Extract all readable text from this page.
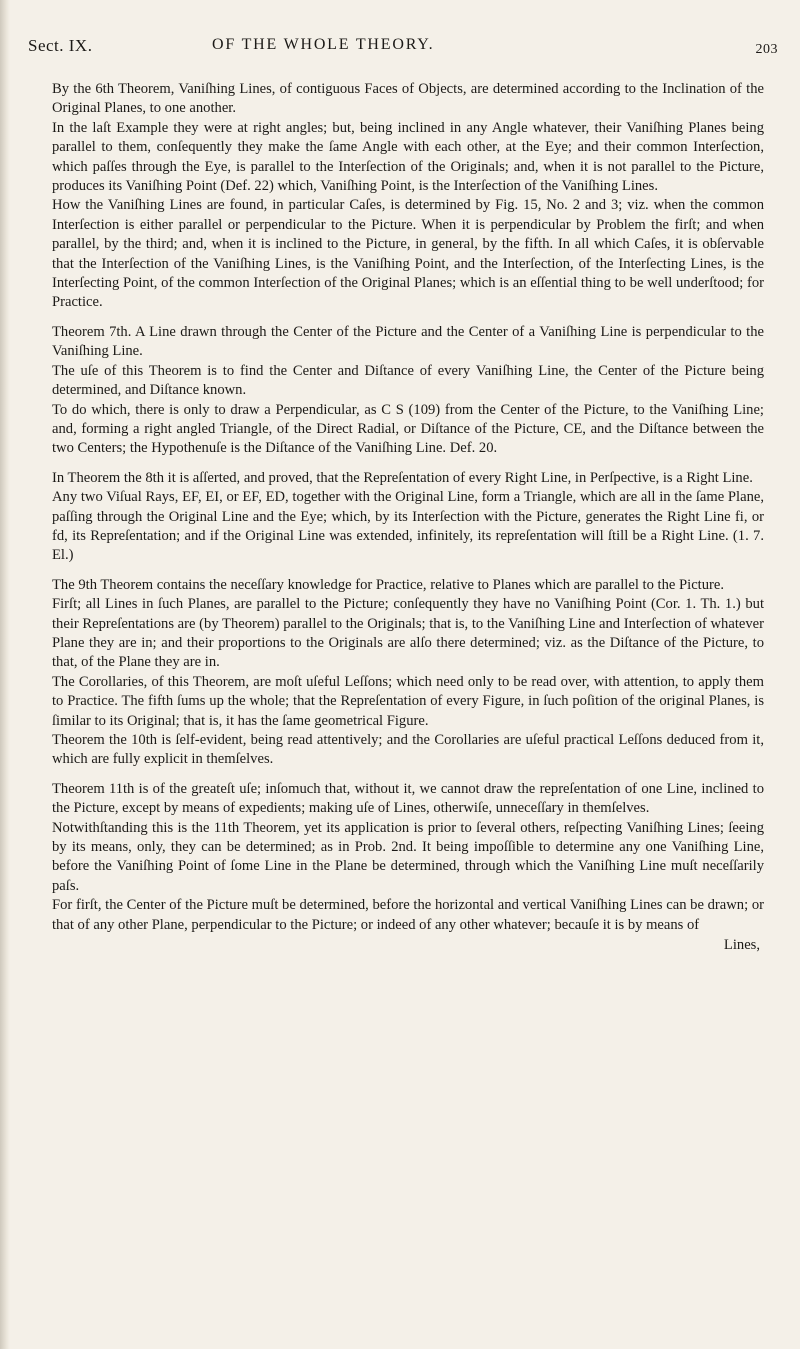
Sect. IX.	OF THE WHOLE THEORY.	203

By the 6th Theorem, Vaniſhing Lines, of contiguous Faces of Objects, are determined according to the Inclination of the Original Planes, to one another.

In the laſt Example they were at right angles; but, being inclined in any Angle whatever, their Vaniſhing Planes being parallel to them, conſequently they make the ſame Angle with each other, at the Eye; and their common Interſection, which paſſes through the Eye, is parallel to the Interſection of the Originals; and, when it is not parallel to the Picture, produces its Vaniſhing Point (Def. 22) which, Vaniſhing Point, is the Interſection of the Vaniſhing Lines.

How the Vaniſhing Lines are found, in particular Caſes, is determined by Fig. 15, No. 2 and 3; viz. when the common Interſection is either parallel or perpendicular to the Picture. When it is perpendicular by Problem the firſt; and when parallel, by the third; and, when it is inclined to the Picture, in general, by the fifth. In all which Caſes, it is obſervable that the Interſection of the Vaniſhing Lines, is the Vaniſhing Point, and the Interſection, of the Interſecting Lines, is the Interſecting Point, of the common Interſection of the Original Planes; which is an eſſential thing to be well underſtood; for Practice.

Theorem 7th. A Line drawn through the Center of the Picture and the Center of a Vaniſhing Line is perpendicular to the Vaniſhing Line.

The uſe of this Theorem is to find the Center and Diſtance of every Vaniſhing Line, the Center of the Picture being determined, and Diſtance known.

To do which, there is only to draw a Perpendicular, as C S (109) from the Center of the Picture, to the Vaniſhing Line; and, forming a right angled Triangle, of the Direct Radial, or Diſtance of the Picture, CE, and the Diſtance between the two Centers; the Hypothenuſe is the Diſtance of the Vaniſhing Line. Def. 20.

In Theorem the 8th it is aſſerted, and proved, that the Repreſentation of every Right Line, in Perſpective, is a Right Line.

Any two Viſual Rays, EF, EI, or EF, ED, together with the Original Line, form a Triangle, which are all in the ſame Plane, paſſing through the Original Line and the Eye; which, by its Interſection with the Picture, generates the Right Line fi, or fd, its Repreſentation; and if the Original Line was extended, infinitely, its repreſentation will ſtill be a Right Line. (1. 7. El.)

The 9th Theorem contains the neceſſary knowledge for Practice, relative to Planes which are parallel to the Picture.

Firſt; all Lines in ſuch Planes, are parallel to the Picture; conſequently they have no Vaniſhing Point (Cor. 1. Th. 1.) but their Repreſentations are (by Theorem) parallel to the Originals; that is, to the Vaniſhing Line and Interſection of whatever Plane they are in; and their proportions to the Originals are alſo there determined; viz. as the Diſtance of the Picture, to that, of the Plane they are in.

The Corollaries, of this Theorem, are moſt uſeful Leſſons; which need only to be read over, with attention, to apply them to Practice. The fifth ſums up the whole; that the Repreſentation of every Figure, in ſuch poſition of the original Planes, is ſimilar to its Original; that is, it has the ſame geometrical Figure.

Theorem the 10th is ſelf-evident, being read attentively; and the Corollaries are uſeful practical Leſſons deduced from it, which are fully explicit in themſelves.

Theorem 11th is of the greateſt uſe; inſomuch that, without it, we cannot draw the repreſentation of one Line, inclined to the Picture, except by means of expedients; making uſe of Lines, otherwiſe, unneceſſary in themſelves.

Notwithſtanding this is the 11th Theorem, yet its application is prior to ſeveral others, reſpecting Vaniſhing Lines; ſeeing by its means, only, they can be determined; as in Prob. 2nd. It being impoſſible to determine any one Vaniſhing Line, before the Vaniſhing Point of ſome Line in the Plane be determined, through which the Vaniſhing Line muſt neceſſarily paſs.

For firſt, the Center of the Picture muſt be determined, before the horizontal and vertical Vaniſhing Lines can be drawn; or that of any other Plane, perpendicular to the Picture; or indeed of any other whatever; becauſe it is by means of

Lines,
